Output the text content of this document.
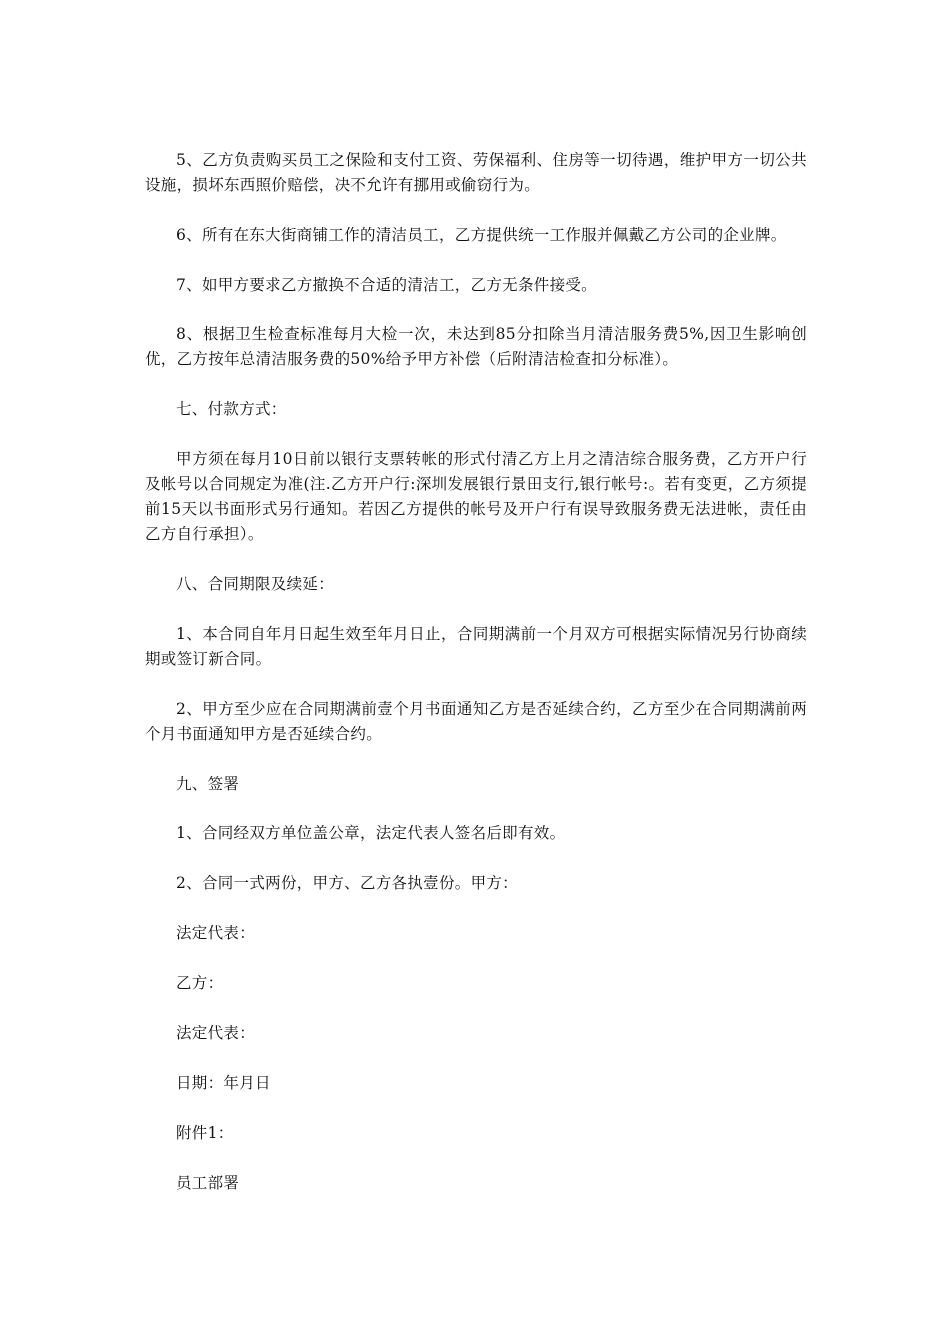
5、乙方负责购买员工之保险和支付工资、劳保福利、住房等一切待遇，维护甲方一切公共设施，损坏东西照价赔偿，决不允许有挪用或偷窃行为。

6、所有在东大街商铺工作的清洁员工，乙方提供统一工作服并佩戴乙方公司的企业牌。

7、如甲方要求乙方撤换不合适的清洁工，乙方无条件接受。

8、根据卫生检查标准每月大检一次，未达到85分扣除当月清洁服务费5%,因卫生影响创优，乙方按年总清洁服务费的50%给予甲方补偿（后附清洁检查扣分标准）。

七、付款方式：

甲方须在每月10日前以银行支票转帐的形式付清乙方上月之清洁综合服务费，乙方开户行及帐号以合同规定为准(注.乙方开户行:深圳发展银行景田支行,银行帐号:。若有变更，乙方须提前15天以书面形式另行通知。若因乙方提供的帐号及开户行有误导致服务费无法进帐，责任由乙方自行承担）。

八、合同期限及续延：

1、本合同自年月日起生效至年月日止，合同期满前一个月双方可根据实际情况另行协商续期或签订新合同。

2、甲方至少应在合同期满前壹个月书面通知乙方是否延续合约，乙方至少在合同期满前两个月书面通知甲方是否延续合约。

九、签署

1、合同经双方单位盖公章，法定代表人签名后即有效。

2、合同一式两份，甲方、乙方各执壹份。甲方：

法定代表：

乙方：

法定代表：

日期：年月日

附件1：

员工部署
